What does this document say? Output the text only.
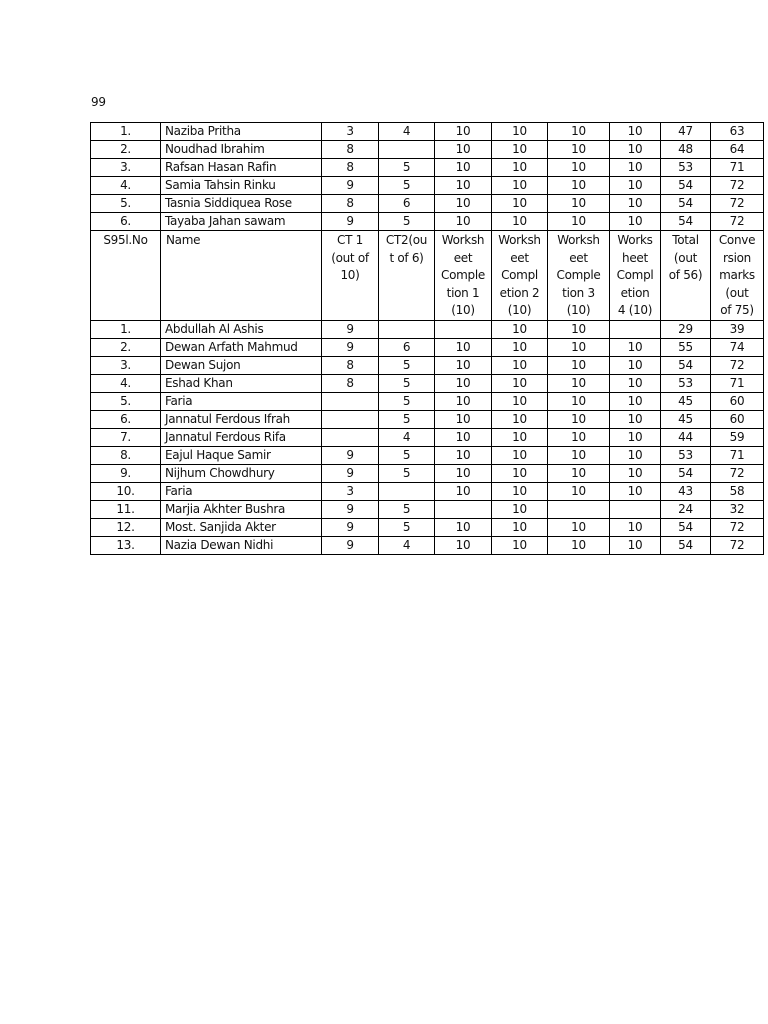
99
1.	Naziba Pritha	3	4	10	10	10	10	47	63
2.	Noudhad Ibrahim	8		10	10	10	10	48	64
3.	Rafsan Hasan Rafin	8	5	10	10	10	10	53	71
4.	Samia Tahsin Rinku	9	5	10	10	10	10	54	72
5.	Tasnia Siddiquea Rose	8	6	10	10	10	10	54	72
6.	Tayaba Jahan sawam	9	5	10	10	10	10	54	72

S95l.No	Name	CT 1
(out of
10)	CT2(ou
t of 6)	Worksh
eet
Comple
tion 1
(10)	Worksh
eet
Compl
etion 2
(10)	Worksh
eet
Comple
tion 3
(10)	Works
heet
Compl
etion
4 (10)	Total
(out
of 56)	Conve
rsion
marks
(out
of 75)

1.	Abdullah Al Ashis	9			10	10		29	39
2.	Dewan Arfath Mahmud	9	6	10	10	10	10	55	74
3.	Dewan Sujon	8	5	10	10	10	10	54	72
4.	Eshad Khan	8	5	10	10	10	10	53	71
5.	Faria		5	10	10	10	10	45	60
6.	Jannatul Ferdous Ifrah		5	10	10	10	10	45	60
7.	Jannatul Ferdous Rifa		4	10	10	10	10	44	59
8.	Eajul Haque Samir	9	5	10	10	10	10	53	71
9.	Nijhum Chowdhury	9	5	10	10	10	10	54	72
10.	Faria	3		10	10	10	10	43	58
11.	Marjia Akhter Bushra	9	5		10			24	32
12.	Most. Sanjida Akter	9	5	10	10	10	10	54	72
13.	Nazia Dewan Nidhi	9	4	10	10	10	10	54	72
